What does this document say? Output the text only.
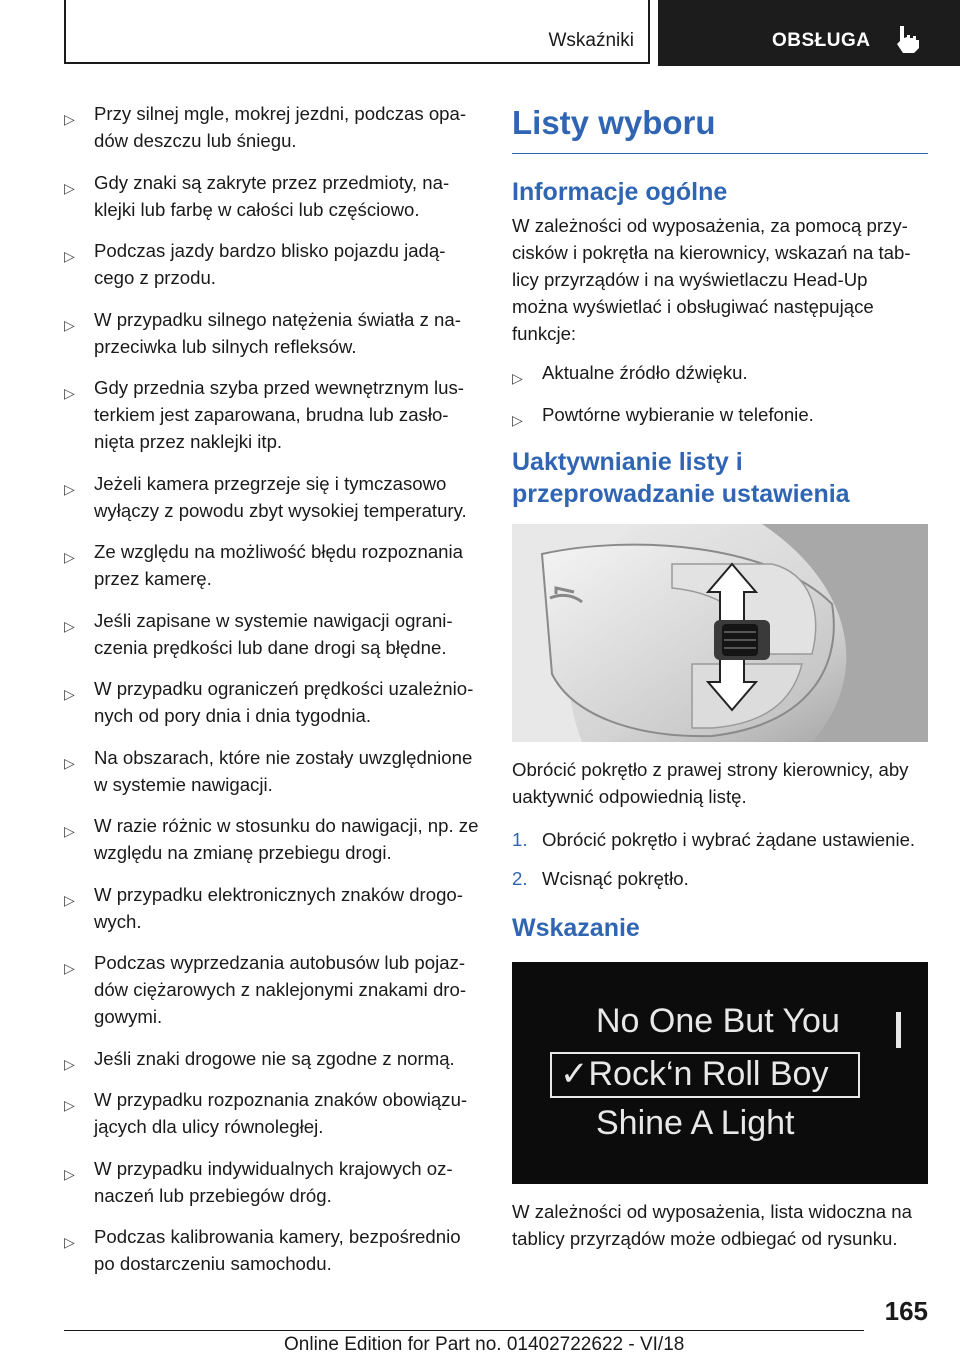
Wskaźniki	OBSŁUGA
▷ Przy silnej mgle, mokrej jezdni, podczas opa-dów deszczu lub śniegu.
▷ Gdy znaki są zakryte przez przedmioty, na-klejki lub farbę w całości lub częściowo.
▷ Podczas jazdy bardzo blisko pojazdu jadą-cego z przodu.
▷ W przypadku silnego natężenia światła z na-przeciwka lub silnych refleksów.
▷ Gdy przednia szyba przed wewnętrznym lus-terkiem jest zaparowana, brudna lub zasło-nięta przez naklejki itp.
▷ Jeżeli kamera przegrzeje się i tymczasowo wyłączy z powodu zbyt wysokiej temperatury.
▷ Ze względu na możliwość błędu rozpoznania przez kamerę.
▷ Jeśli zapisane w systemie nawigacji ograni-czenia prędkości lub dane drogi są błędne.
▷ W przypadku ograniczeń prędkości uzależnio-nych od pory dnia i dnia tygodnia.
▷ Na obszarach, które nie zostały uwzględnione w systemie nawigacji.
▷ W razie różnic w stosunku do nawigacji, np. ze względu na zmianę przebiegu drogi.
▷ W przypadku elektronicznych znaków drogo-wych.
▷ Podczas wyprzedzania autobusów lub pojaz-dów ciężarowych z naklejonymi znakami dro-gowymi.
▷ Jeśli znaki drogowe nie są zgodne z normą.
▷ W przypadku rozpoznania znaków obowiązu-jących dla ulicy równoległej.
▷ W przypadku indywidualnych krajowych oz-naczeń lub przebiegów dróg.
▷ Podczas kalibrowania kamery, bezpośrednio po dostarczeniu samochodu.
Listy wyboru
Informacje ogólne

W zależności od wyposażenia, za pomocą przy-cisków i pokrętła na kierownicy, wskazań na tab-licy przyrządów i na wyświetlaczu Head-Up można wyświetlać i obsługiwać następujące funkcje:

▷ Aktualne źródło dźwięku.
▷ Powtórne wybieranie w telefonie.
Uaktywnianie listy i przeprowadzanie ustawienia

Obrócić pokrętło z prawej strony kierownicy, aby uaktywnić odpowiednią listę.

1. Obrócić pokrętło i wybrać żądane ustawienie.
2. Wcisnąć pokrętło.
Wskazanie
No One But You
✓Rock‘n Roll Boy
Shine A Light

W zależności od wyposażenia, lista widoczna na tablicy przyrządów może odbiegać od rysunku.

165
Online Edition for Part no. 01402722622 - VI/18
